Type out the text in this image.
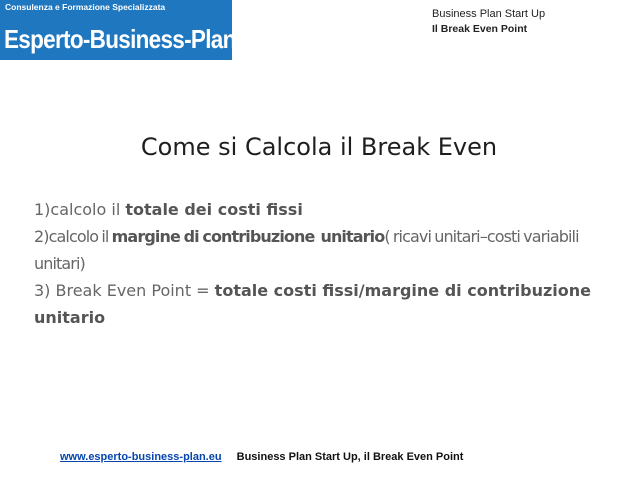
Consulenza e Formazione Specializzata
Esperto-Business-Plan.eu
Business Plan Start Up
Il Break Even Point
Come si Calcola il Break Even

1)calcolo il totale dei costi fissi

2)calcolo il margine di contribuzione unitario( ricavi unitari–costi variabili unitari)

3) Break Even Point = totale costi fissi/margine di contribuzione unitario

www.esperto-business-plan.eu Business Plan Start Up, il Break Even Point
